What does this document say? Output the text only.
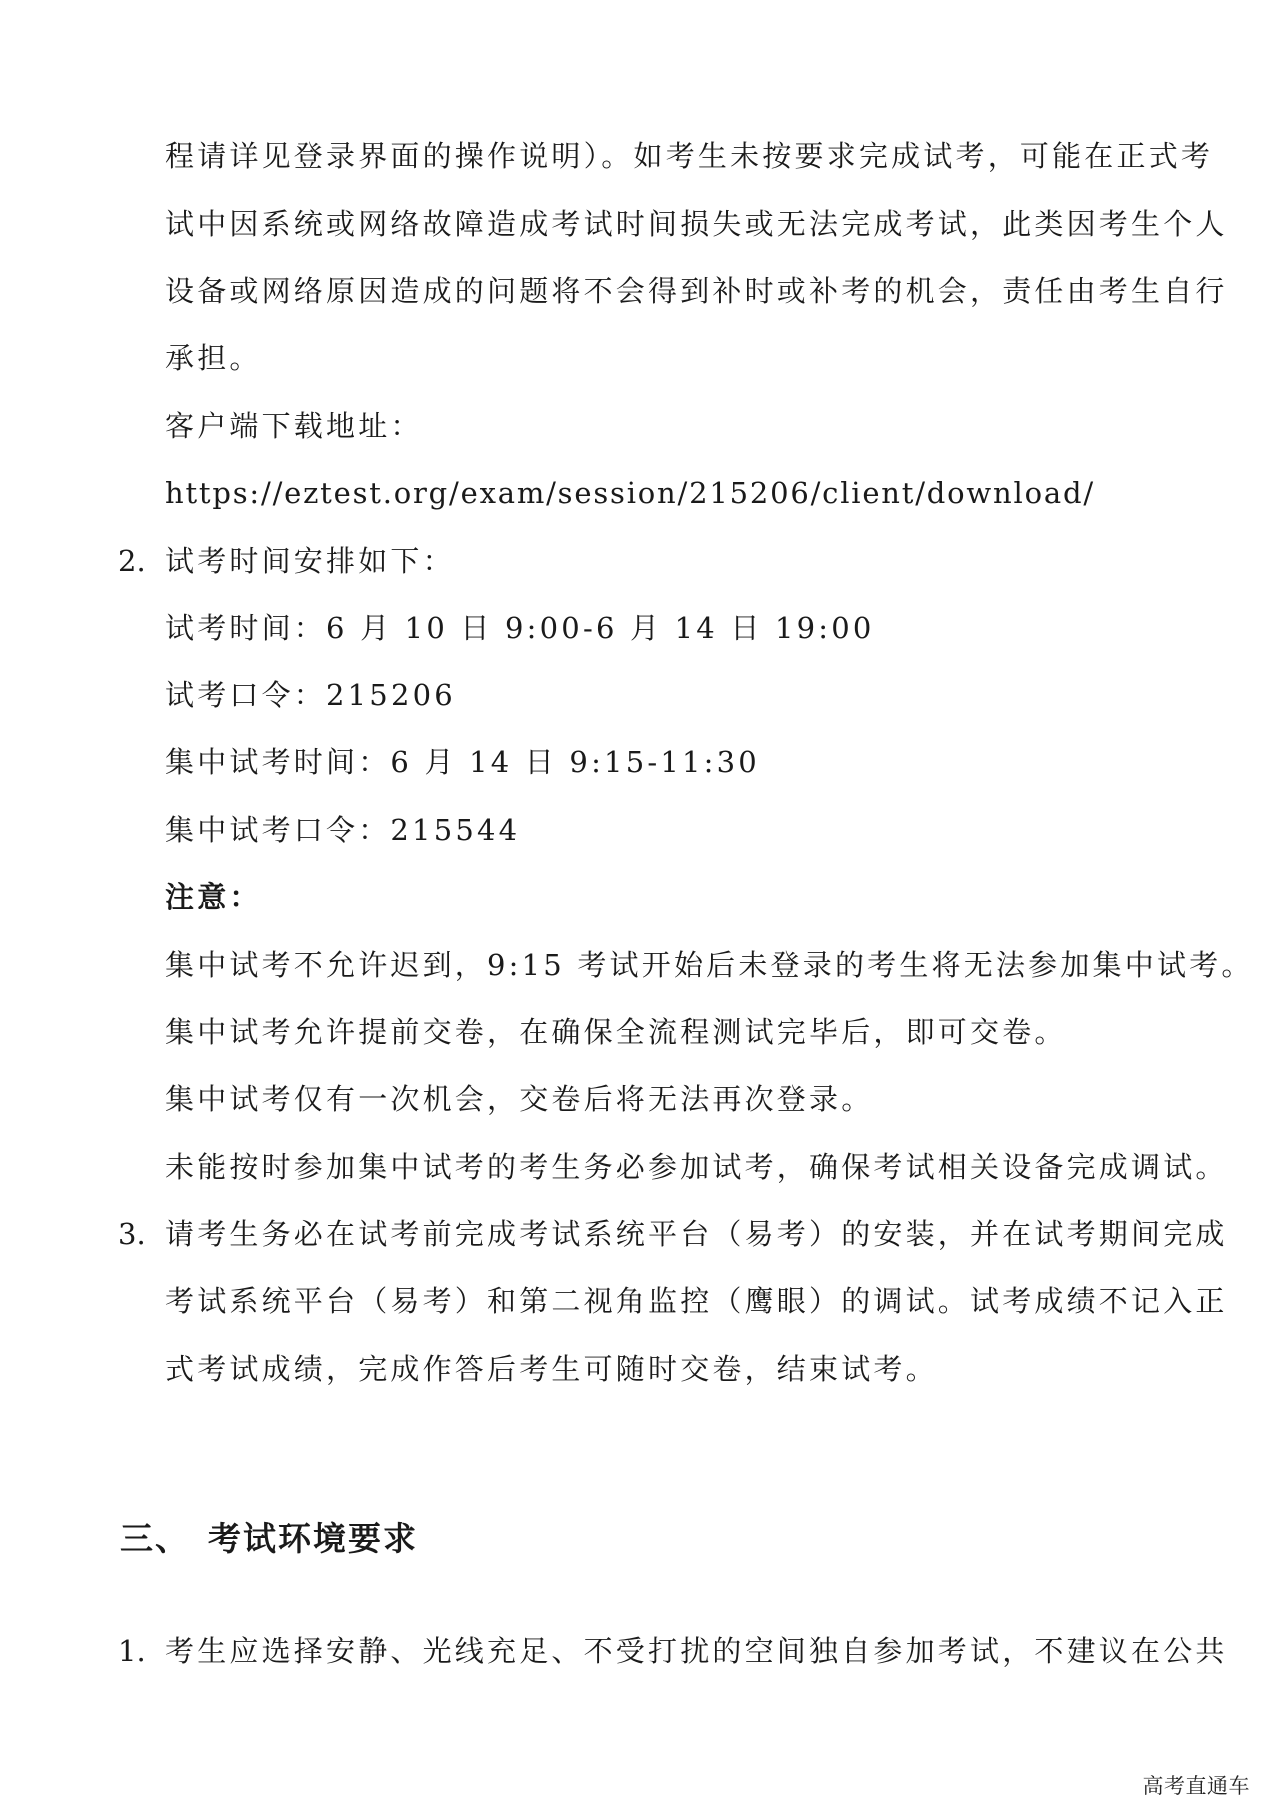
程请详见登录界面的操作说明）。如考生未按要求完成试考，可能在正式考
试中因系统或网络故障造成考试时间损失或无法完成考试，此类因考生个人
设备或网络原因造成的问题将不会得到补时或补考的机会，责任由考生自行
承担。
客户端下载地址：
https://eztest.org/exam/session/215206/client/download/
2. 试考时间安排如下：
试考时间：6 月 10 日 9:00-6 月 14 日 19:00
试考口令：215206
集中试考时间：6 月 14 日 9:15-11:30
集中试考口令：215544
注意：
集中试考不允许迟到，9:15 考试开始后未登录的考生将无法参加集中试考。
集中试考允许提前交卷，在确保全流程测试完毕后，即可交卷。
集中试考仅有一次机会，交卷后将无法再次登录。
未能按时参加集中试考的考生务必参加试考，确保考试相关设备完成调试。
3. 请考生务必在试考前完成考试系统平台（易考）的安装，并在试考期间完成
考试系统平台（易考）和第二视角监控（鹰眼）的调试。试考成绩不记入正
式考试成绩，完成作答后考生可随时交卷，结束试考。
三、 考试环境要求
1. 考生应选择安静、光线充足、不受打扰的空间独自参加考试，不建议在公共
高考直通车
